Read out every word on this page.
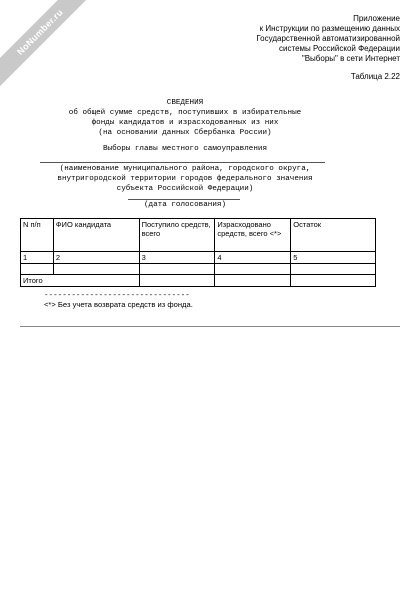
NoNumber.ru	Приложение
к Инструкции по размещению данных
Государственной автоматизированной
системы Российской Федерации
"Выборы" в сети Интернет
Таблица 2.22
СВЕДЕНИЯ
об общей сумме средств, поступивших в избирательные
фонды кандидатов и израсходованных из них
(на основании данных Сбербанка России)
Выборы главы местного самоуправления
(наименование муниципального района, городского округа,
внутригородской территории городов федерального значения
субъекта Российской Федерации)
(дата голосования)
N п/п	ФИО кандидата	Поступило средств, всего	Израсходовано средств, всего <*>	Остаток
1	2	3	4	5

Итого				
--------------------------------
<*> Без учета возврата средств из фонда.
